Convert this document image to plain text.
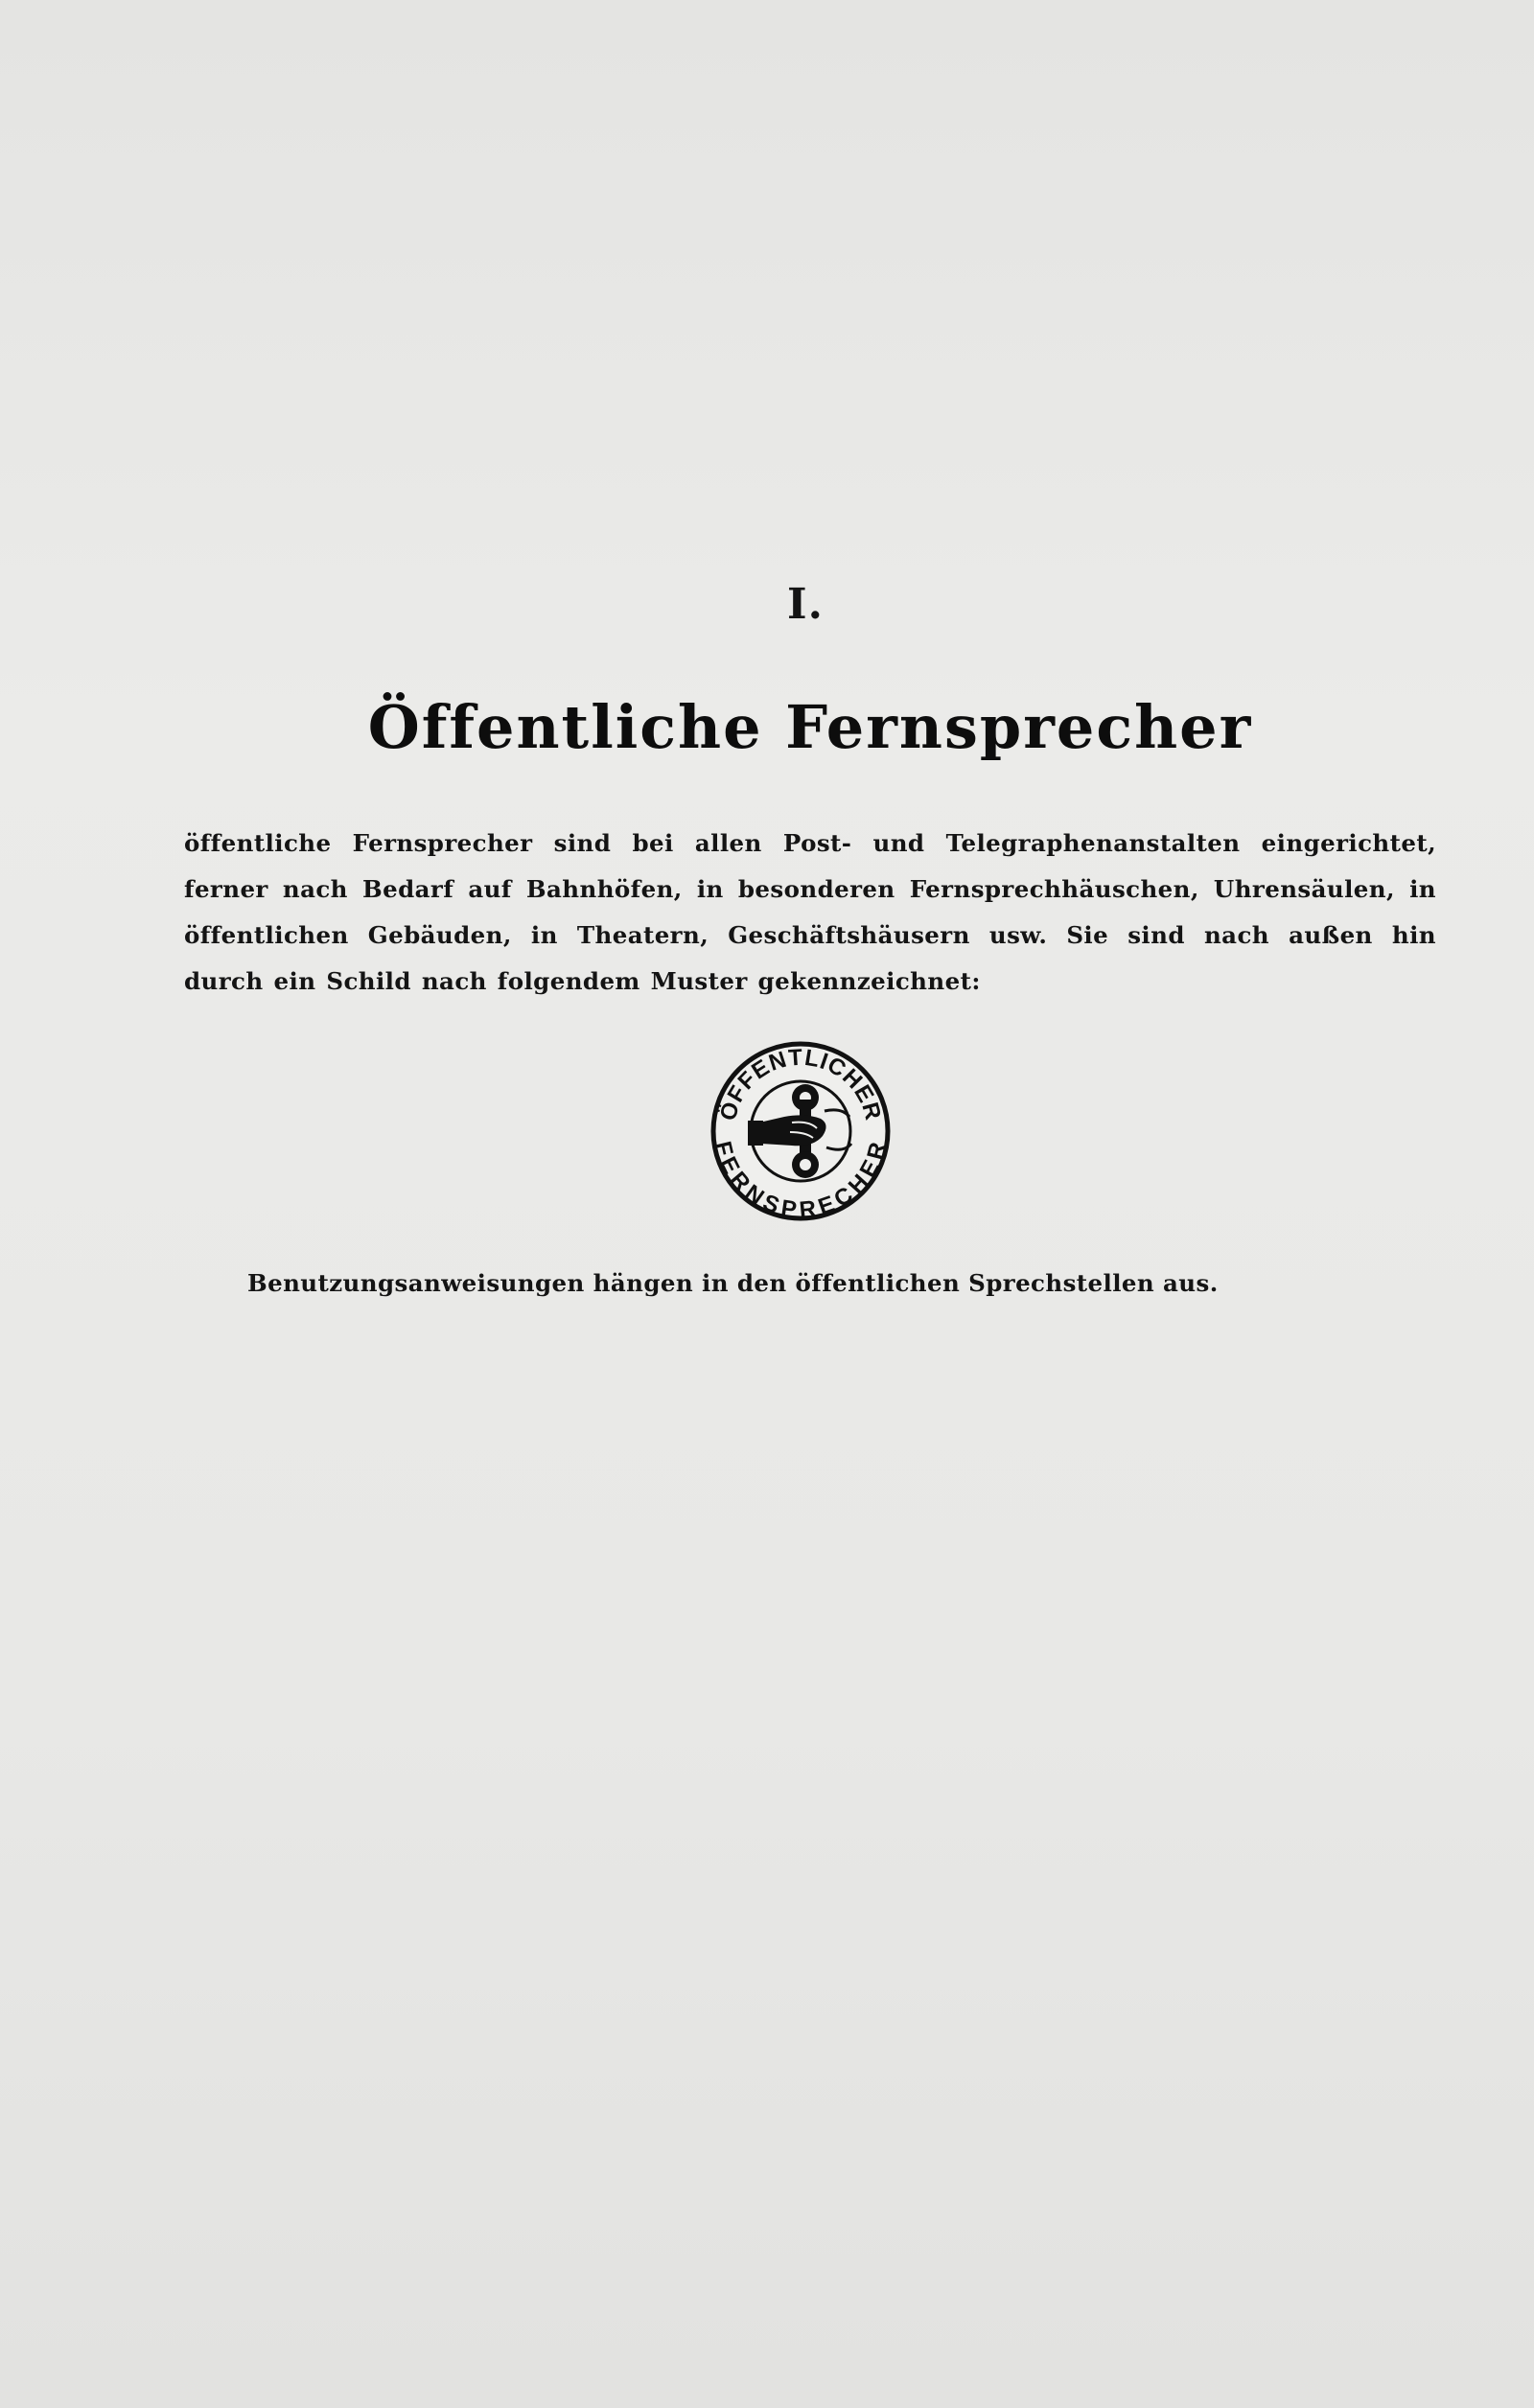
I.
Öffentliche Fernsprecher
öffentliche Fernsprecher sind bei allen Post- und Telegraphenanstalten eingerichtet,
ferner nach Bedarf auf Bahnhöfen, in besonderen Fernsprechhäuschen, Uhrensäulen, in
öffentlichen Gebäuden, in Theatern, Geschäftshäusern usw. Sie sind nach außen hin
durch ein Schild nach folgendem Muster gekennzeichnet:
ÖFFENTLICHER
FERNSPRECHER
Benutzungsanweisungen hängen in den öffentlichen Sprechstellen aus.
